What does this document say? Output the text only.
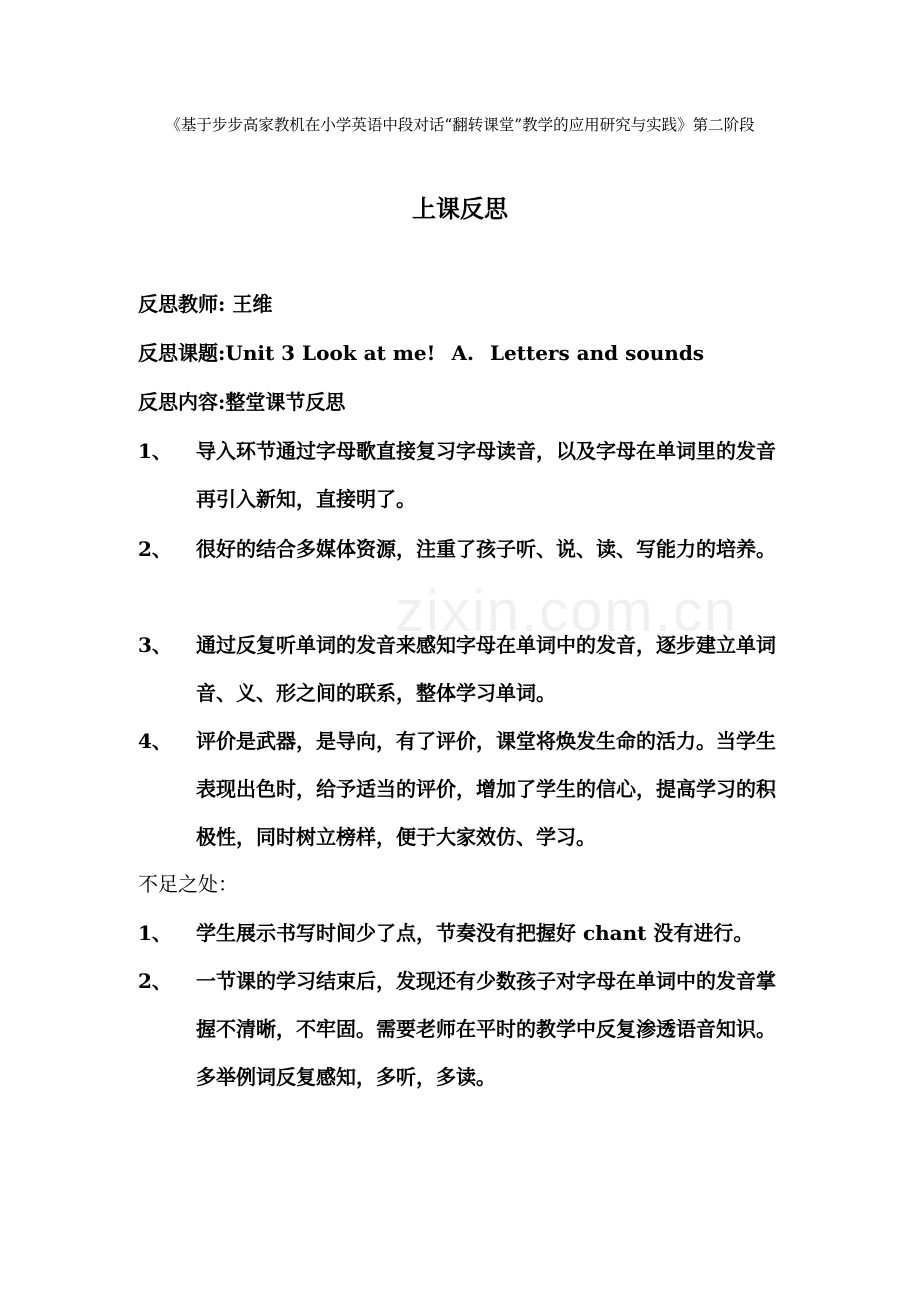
zixin.com.cn
《基于步步高家教机在小学英语中段对话“翻转课堂”教学的应用研究与实践》第二阶段
上课反思
反思教师: 王维
反思课题:Unit 3 Look at me! A. Letters and sounds
反思内容:整堂课节反思
1、	导入环节通过字母歌直接复习字母读音，以及字母在单词里的发音再引入新知，直接明了。
2、	很好的结合多媒体资源，注重了孩子听、说、读、写能力的培养。
3、	通过反复听单词的发音来感知字母在单词中的发音，逐步建立单词音、义、形之间的联系，整体学习单词。
4、	评价是武器，是导向，有了评价，课堂将焕发生命的活力。当学生表现出色时，给予适当的评价，增加了学生的信心，提高学习的积极性，同时树立榜样，便于大家效仿、学习。
不足之处：
1、	学生展示书写时间少了点，节奏没有把握好 chant 没有进行。
2、	一节课的学习结束后，发现还有少数孩子对字母在单词中的发音掌握不清晰，不牢固。需要老师在平时的教学中反复渗透语音知识。多举例词反复感知，多听，多读。
